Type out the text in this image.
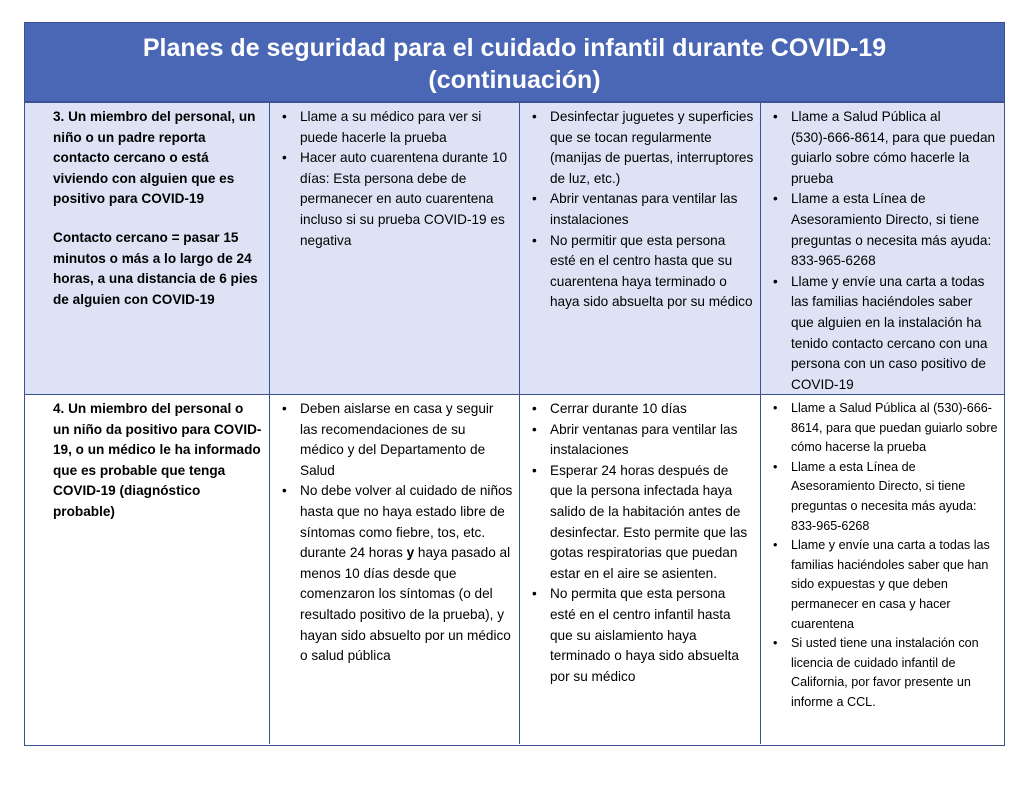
Planes de seguridad para el cuidado infantil durante COVID-19
(continuación)

3. Un miembro del personal, un niño o un padre reporta contacto cercano o está viviendo con alguien que es positivo para COVID-19

Contacto cercano = pasar 15 minutos o más a lo largo de 24 horas, a una distancia de 6 pies de alguien con COVID-19

• Llame a su médico para ver si puede hacerle la prueba
• Hacer auto cuarentena durante 10 días: Esta persona debe de permanecer en auto cuarentena incluso si su prueba COVID-19 es negativa
• Desinfectar juguetes y superficies que se tocan regularmente (manijas de puertas, interruptores de luz, etc.)
• Abrir ventanas para ventilar las instalaciones
• No permitir que esta persona esté en el centro hasta que su cuarentena haya terminado o haya sido absuelta por su médico
• Llame a Salud Pública al (530)-666-8614, para que puedan guiarlo sobre cómo hacerle la prueba
• Llame a esta Línea de Asesoramiento Directo, si tiene preguntas o necesita más ayuda: 833-965-6268
• Llame y envíe una carta a todas las familias haciéndoles saber que alguien en la instalación ha tenido contacto cercano con una persona con un caso positivo de COVID-19

4. Un miembro del personal o un niño da positivo para COVID-19, o un médico le ha informado que es probable que tenga COVID-19 (diagnóstico probable)

• Deben aislarse en casa y seguir las recomendaciones de su médico y del Departamento de Salud
• No debe volver al cuidado de niños hasta que no haya estado libre de síntomas como fiebre, tos, etc. durante 24 horas y haya pasado al menos 10 días desde que comenzaron los síntomas (o del resultado positivo de la prueba), y hayan sido absuelto por un médico o salud pública
• Cerrar durante 10 días
• Abrir ventanas para ventilar las instalaciones
• Esperar 24 horas después de que la persona infectada haya salido de la habitación antes de desinfectar. Esto permite que las gotas respiratorias que puedan estar en el aire se asienten.
• No permita que esta persona esté en el centro infantil hasta que su aislamiento haya terminado o haya sido absuelta por su médico
• Llame a Salud Pública al (530)-666-8614, para que puedan guiarlo sobre cómo hacerse la prueba
• Llame a esta Línea de Asesoramiento Directo, si tiene preguntas o necesita más ayuda: 833-965-6268
• Llame y envíe una carta a todas las familias haciéndoles saber que han sido expuestas y que deben permanecer en casa y hacer cuarentena
• Si usted tiene una instalación con licencia de cuidado infantil de California, por favor presente un informe a CCL.
